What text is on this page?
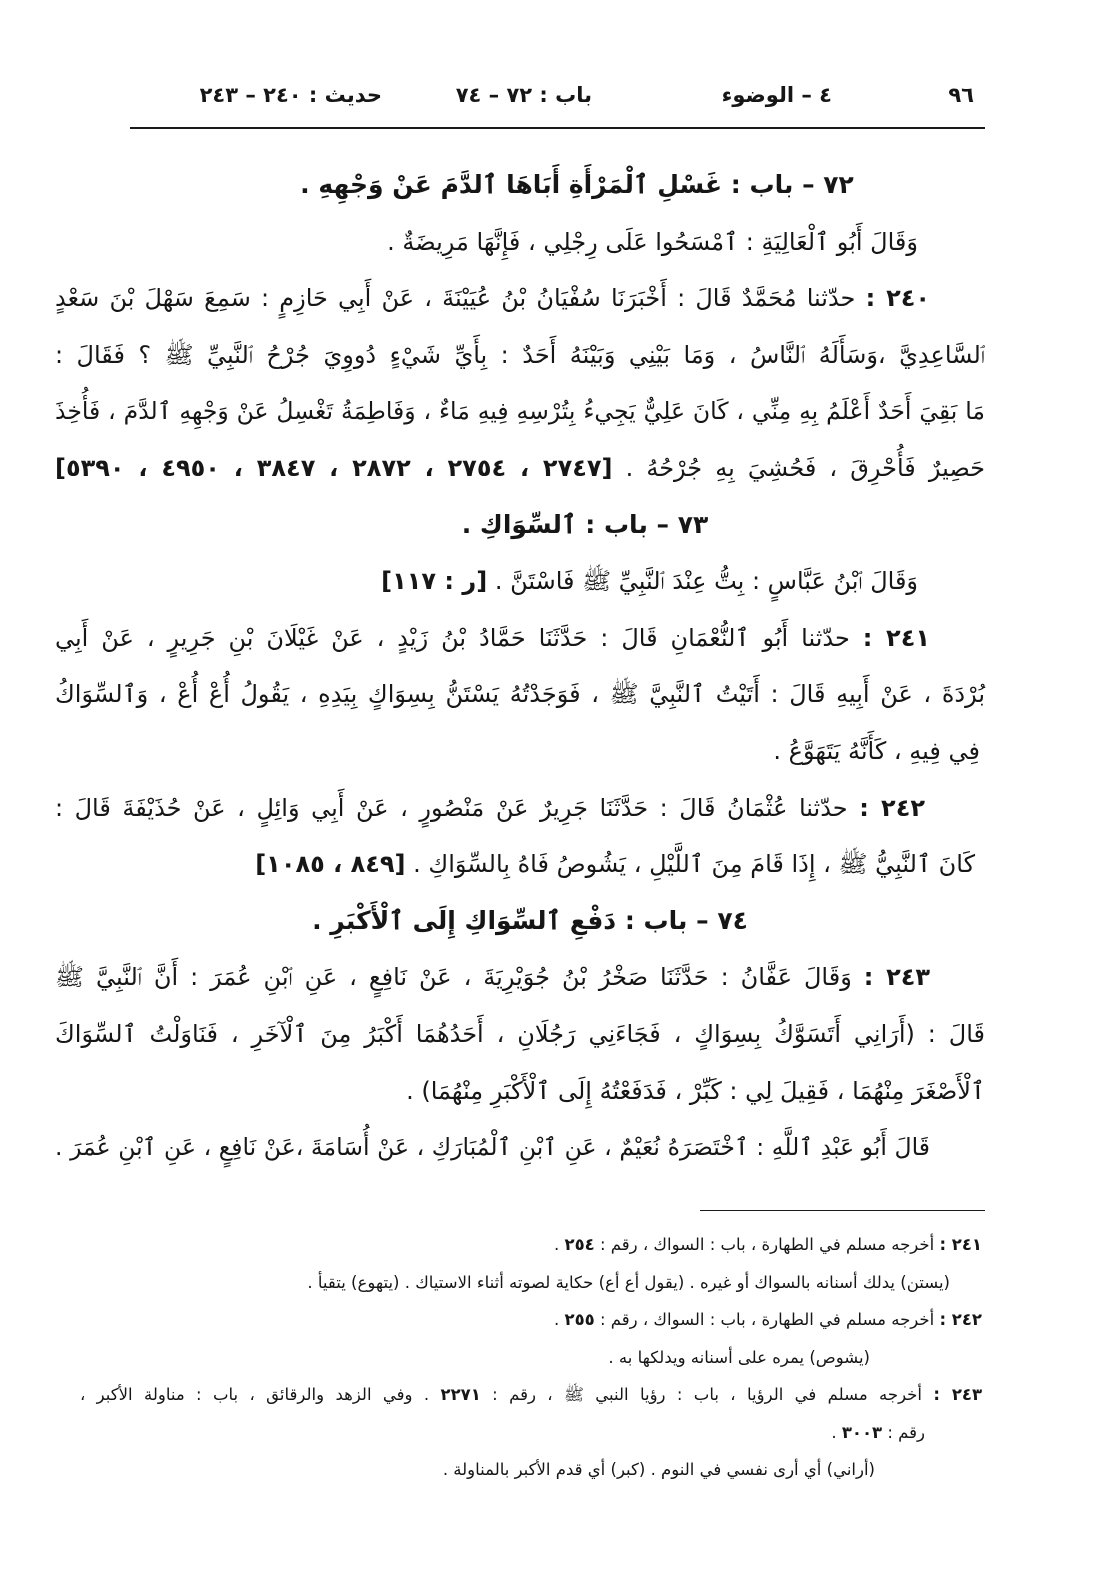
٩٦
٤ – الوضوء
باب : ٧٢ – ٧٤
حديث : ٢٤٠ – ٢٤٣
٧٢ – باب : غَسْلِ ٱلْمَرْأَةِ أَبَاهَا ٱلدَّمَ عَنْ وَجْهِهِ .
وَقَالَ أَبُو ٱلْعَالِيَةِ : ٱمْسَحُوا عَلَى رِجْلِي ، فَإِنَّهَا مَرِيضَةٌ .
٢٤٠ : حدّثنا مُحَمَّدٌ قَالَ : أَخْبَرَنَا سُفْيَانُ بْنُ عُيَيْنَةَ ، عَنْ أَبِي حَازِمٍ : سَمِعَ سَهْلَ بْنَ سَعْدٍ
ٱلسَّاعِدِيَّ ،وَسَأَلَهُ ٱلنَّاسُ ، وَمَا بَيْنِي وَبَيْنَهُ أَحَدٌ : بِأَيِّ شَيْءٍ دُووِيَ جُرْحُ ٱلنَّبِيِّ ﷺ ؟ فَقَالَ :
مَا بَقِيَ أَحَدٌ أَعْلَمُ بِهِ مِنِّي ، كَانَ عَلِيٌّ يَجِيءُ بِتُرْسِهِ فِيهِ مَاءٌ ، وَفَاطِمَةُ تَغْسِلُ عَنْ وَجْهِهِ ٱلدَّمَ ، فَأُخِذَ
حَصِيرٌ فَأُحْرِقَ ، فَحُشِيَ بِهِ جُرْحُهُ . [٢٧٤٧ ، ٢٧٥٤ ، ٢٨٧٢ ، ٣٨٤٧ ، ٤٩٥٠ ، ٥٣٩٠]
٧٣ – باب : ٱلسِّوَاكِ .
وَقَالَ ٱبْنُ عَبَّاسٍ : بِتُّ عِنْدَ ٱلنَّبِيِّ ﷺ فَاسْتَنَّ . [ر : ١١٧]
٢٤١ : حدّثنا أَبُو ٱلنُّعْمَانِ قَالَ : حَدَّثَنَا حَمَّادُ بْنُ زَيْدٍ ، عَنْ غَيْلَانَ بْنِ جَرِيرٍ ، عَنْ أَبِي
بُرْدَةَ ، عَنْ أَبِيهِ قَالَ : أَتَيْتُ ٱلنَّبِيَّ ﷺ ، فَوَجَدْتُهُ يَسْتَنُّ بِسِوَاكٍ بِيَدِهِ ، يَقُولُ أُعْ أُعْ ، وَٱلسِّوَاكُ
فِي فِيهِ ، كَأَنَّهُ يَتَهَوَّعُ .
٢٤٢ : حدّثنا عُثْمَانُ قَالَ : حَدَّثَنَا جَرِيرٌ عَنْ مَنْصُورٍ ، عَنْ أَبِي وَائِلٍ ، عَنْ حُذَيْفَةَ قَالَ :
كَانَ ٱلنَّبِيُّ ﷺ ، إِذَا قَامَ مِنَ ٱللَّيْلِ ، يَشُوصُ فَاهُ بِالسِّوَاكِ . [٨٤٩ ، ١٠٨٥]
٧٤ – باب : دَفْعِ ٱلسِّوَاكِ إِلَى ٱلْأَكْبَرِ .
٢٤٣ : وَقَالَ عَفَّانُ : حَدَّثَنَا صَخْرُ بْنُ جُوَيْرِيَةَ ، عَنْ نَافِعٍ ، عَنِ ٱبْنِ عُمَرَ : أَنَّ ٱلنَّبِيَّ ﷺ
قَالَ : (أَرَانِي أَتَسَوَّكُ بِسِوَاكٍ ، فَجَاءَنِي رَجُلَانِ ، أَحَدُهُمَا أَكْبَرُ مِنَ ٱلْآخَرِ ، فَنَاوَلْتُ ٱلسِّوَاكَ
ٱلْأَصْغَرَ مِنْهُمَا ، فَقِيلَ لِي : كَبِّرْ ، فَدَفَعْتُهُ إِلَى ٱلْأَكْبَرِ مِنْهُمَا) .
قَالَ أَبُو عَبْدِ ٱللَّهِ : ٱخْتَصَرَهُ نُعَيْمٌ ، عَنِ ٱبْنِ ٱلْمُبَارَكِ ، عَنْ أُسَامَةَ ،عَنْ نَافِعٍ ، عَنِ ٱبْنِ عُمَرَ .
٢٤١ : أخرجه مسلم في الطهارة ، باب : السواك ، رقم : ٢٥٤ .
(يستن) يدلك أسنانه بالسواك أو غيره . (يقول أع أع) حكاية لصوته أثناء الاستياك . (يتهوع) يتقيأ .
٢٤٢ : أخرجه مسلم في الطهارة ، باب : السواك ، رقم : ٢٥٥ .
(يشوص) يمره على أسنانه ويدلكها به .
٢٤٣ : أخرجه مسلم في الرؤيا ، باب : رؤيا النبي ﷺ ، رقم : ٢٢٧١ . وفي الزهد والرقائق ، باب : مناولة الأكبر ،
رقم : ٣٠٠٣ .
(أراني) أي أرى نفسي في النوم . (كبر) أي قدم الأكبر بالمناولة .
